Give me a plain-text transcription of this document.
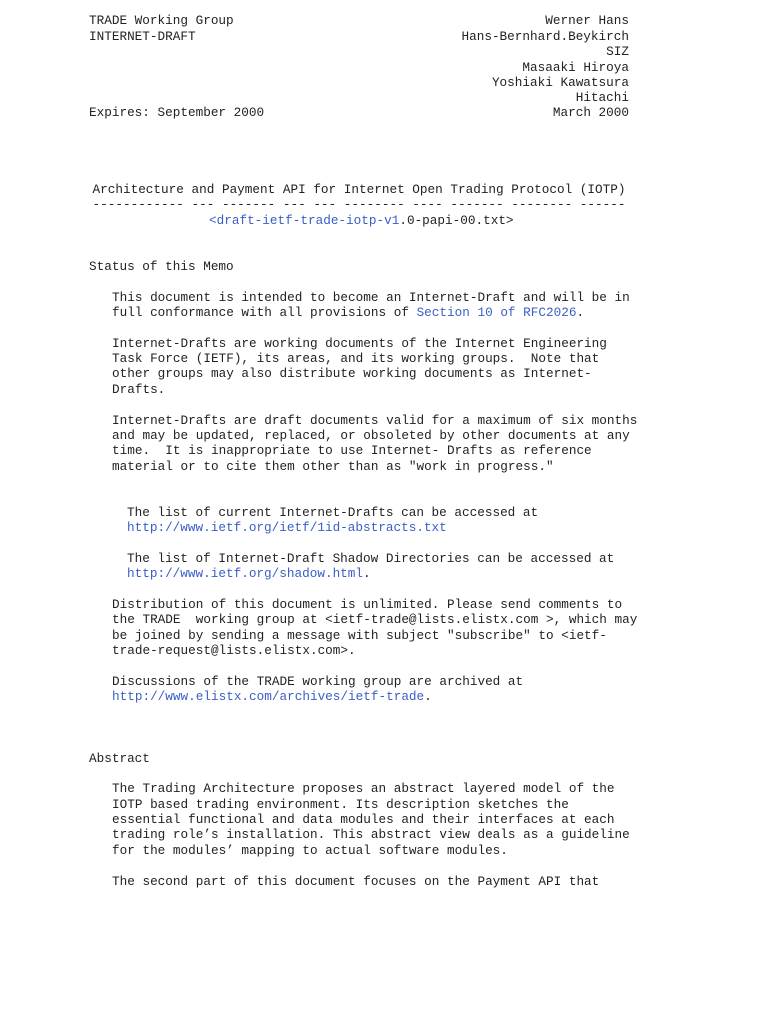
TRADE Working Group	Werner Hans
INTERNET-DRAFT	Hans-Bernhard.Beykirch
SIZ
Masaaki Hiroya
Yoshiaki Kawatsura
Hitachi
Expires: September 2000	March 2000
Architecture and Payment API for Internet Open Trading Protocol (IOTP)
------------ --- ------- --- --- -------- ---- ------- -------- ------
<draft-ietf-trade-iotp-v1.0-papi-00.txt>
Status of this Memo
This document is intended to become an Internet-Draft and will be in
full conformance with all provisions of Section 10 of RFC2026.
Internet-Drafts are working documents of the Internet Engineering
Task Force (IETF), its areas, and its working groups.  Note that
other groups may also distribute working documents as Internet-
Drafts.
Internet-Drafts are draft documents valid for a maximum of six months
and may be updated, replaced, or obsoleted by other documents at any
time.  It is inappropriate to use Internet- Drafts as reference
material or to cite them other than as "work in progress."
The list of current Internet-Drafts can be accessed at
http://www.ietf.org/ietf/1id-abstracts.txt
The list of Internet-Draft Shadow Directories can be accessed at
http://www.ietf.org/shadow.html.
Distribution of this document is unlimited. Please send comments to
the TRADE  working group at <ietf-trade@lists.elistx.com >, which may
be joined by sending a message with subject "subscribe" to <ietf-
trade-request@lists.elistx.com>.
Discussions of the TRADE working group are archived at
http://www.elistx.com/archives/ietf-trade.
Abstract
The Trading Architecture proposes an abstract layered model of the
IOTP based trading environment. Its description sketches the
essential functional and data modules and their interfaces at each
trading role’s installation. This abstract view deals as a guideline
for the modules’ mapping to actual software modules.
The second part of this document focuses on the Payment API that
